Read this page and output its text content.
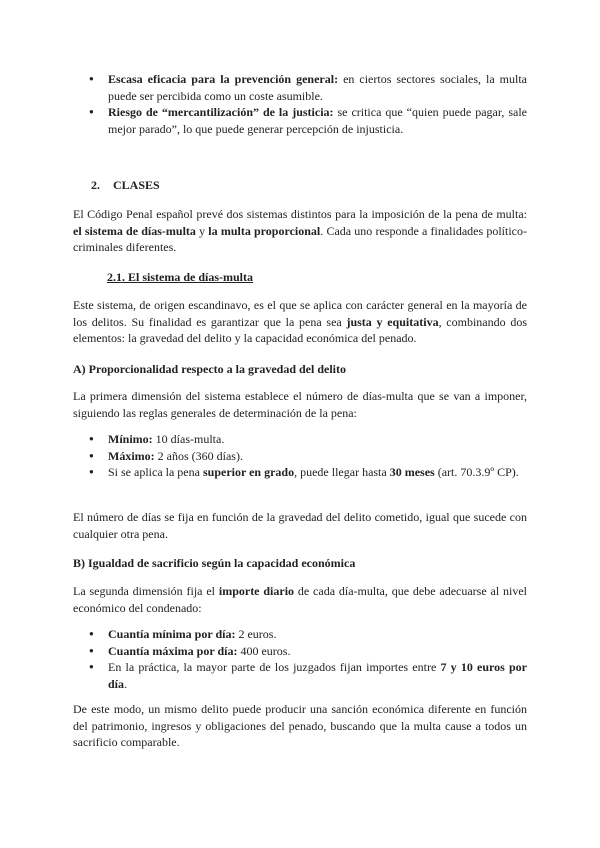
● Escasa eficacia para la prevención general: en ciertos sectores sociales, la multa puede ser percibida como un coste asumible.
● Riesgo de “mercantilización” de la justicia: se critica que “quien puede pagar, sale mejor parado”, lo que puede generar percepción de injusticia.

2. CLASES

El Código Penal español prevé dos sistemas distintos para la imposición de la pena de multa: el sistema de días-multa y la multa proporcional. Cada uno responde a finalidades político-criminales diferentes.

2.1. El sistema de días-multa

Este sistema, de origen escandinavo, es el que se aplica con carácter general en la mayoría de los delitos. Su finalidad es garantizar que la pena sea justa y equitativa, combinando dos elementos: la gravedad del delito y la capacidad económica del penado.

A) Proporcionalidad respecto a la gravedad del delito

La primera dimensión del sistema establece el número de días-multa que se van a imponer, siguiendo las reglas generales de determinación de la pena:

● Mínimo: 10 días-multa.
● Máximo: 2 años (360 días).
● Si se aplica la pena superior en grado, puede llegar hasta 30 meses (art. 70.3.9º CP).

El número de días se fija en función de la gravedad del delito cometido, igual que sucede con cualquier otra pena.

B) Igualdad de sacrificio según la capacidad económica

La segunda dimensión fija el importe diario de cada día-multa, que debe adecuarse al nivel económico del condenado:

● Cuantía mínima por día: 2 euros.
● Cuantía máxima por día: 400 euros.
● En la práctica, la mayor parte de los juzgados fijan importes entre 7 y 10 euros por día.

De este modo, un mismo delito puede producir una sanción económica diferente en función del patrimonio, ingresos y obligaciones del penado, buscando que la multa cause a todos un sacrificio comparable.
